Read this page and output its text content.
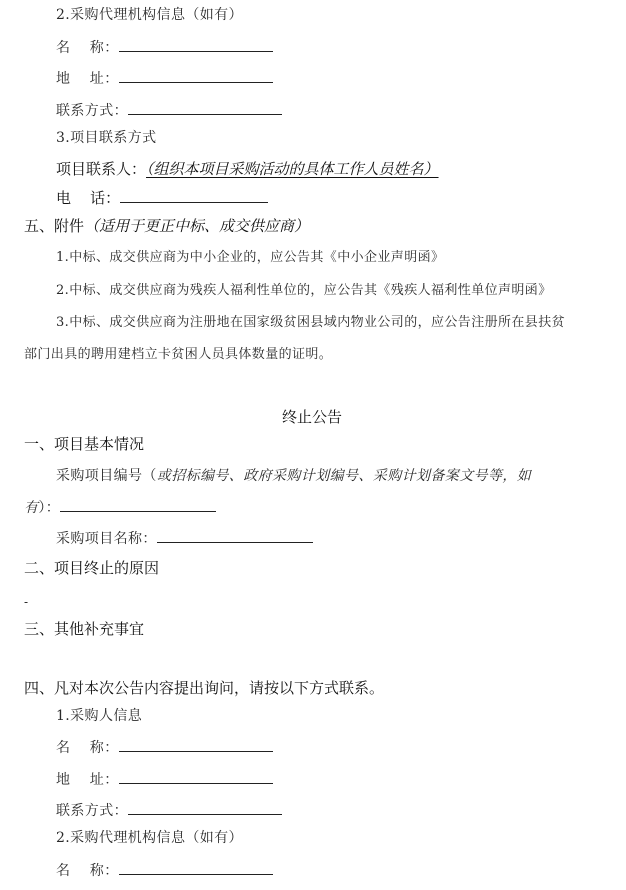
2.采购代理机构信息（如有）
名    称：
地    址：
联系方式：
3.项目联系方式
项目联系人：（组织本项目采购活动的具体工作人员姓名）
电    话：
五、附件（适用于更正中标、成交供应商）
1.中标、成交供应商为中小企业的，应公告其《中小企业声明函》
2.中标、成交供应商为残疾人福利性单位的，应公告其《残疾人福利性单位声明函》
3.中标、成交供应商为注册地在国家级贫困县域内物业公司的，应公告注册所在县扶贫
部门出具的聘用建档立卡贫困人员具体数量的证明。
终止公告
一、项目基本情况
采购项目编号（或招标编号、政府采购计划编号、采购计划备案文号等，如
有）：
采购项目名称：
二、项目终止的原因
-
三、其他补充事宜
四、凡对本次公告内容提出询问，请按以下方式联系。
1.采购人信息
名    称：
地    址：
联系方式：
2.采购代理机构信息（如有）
名    称：
